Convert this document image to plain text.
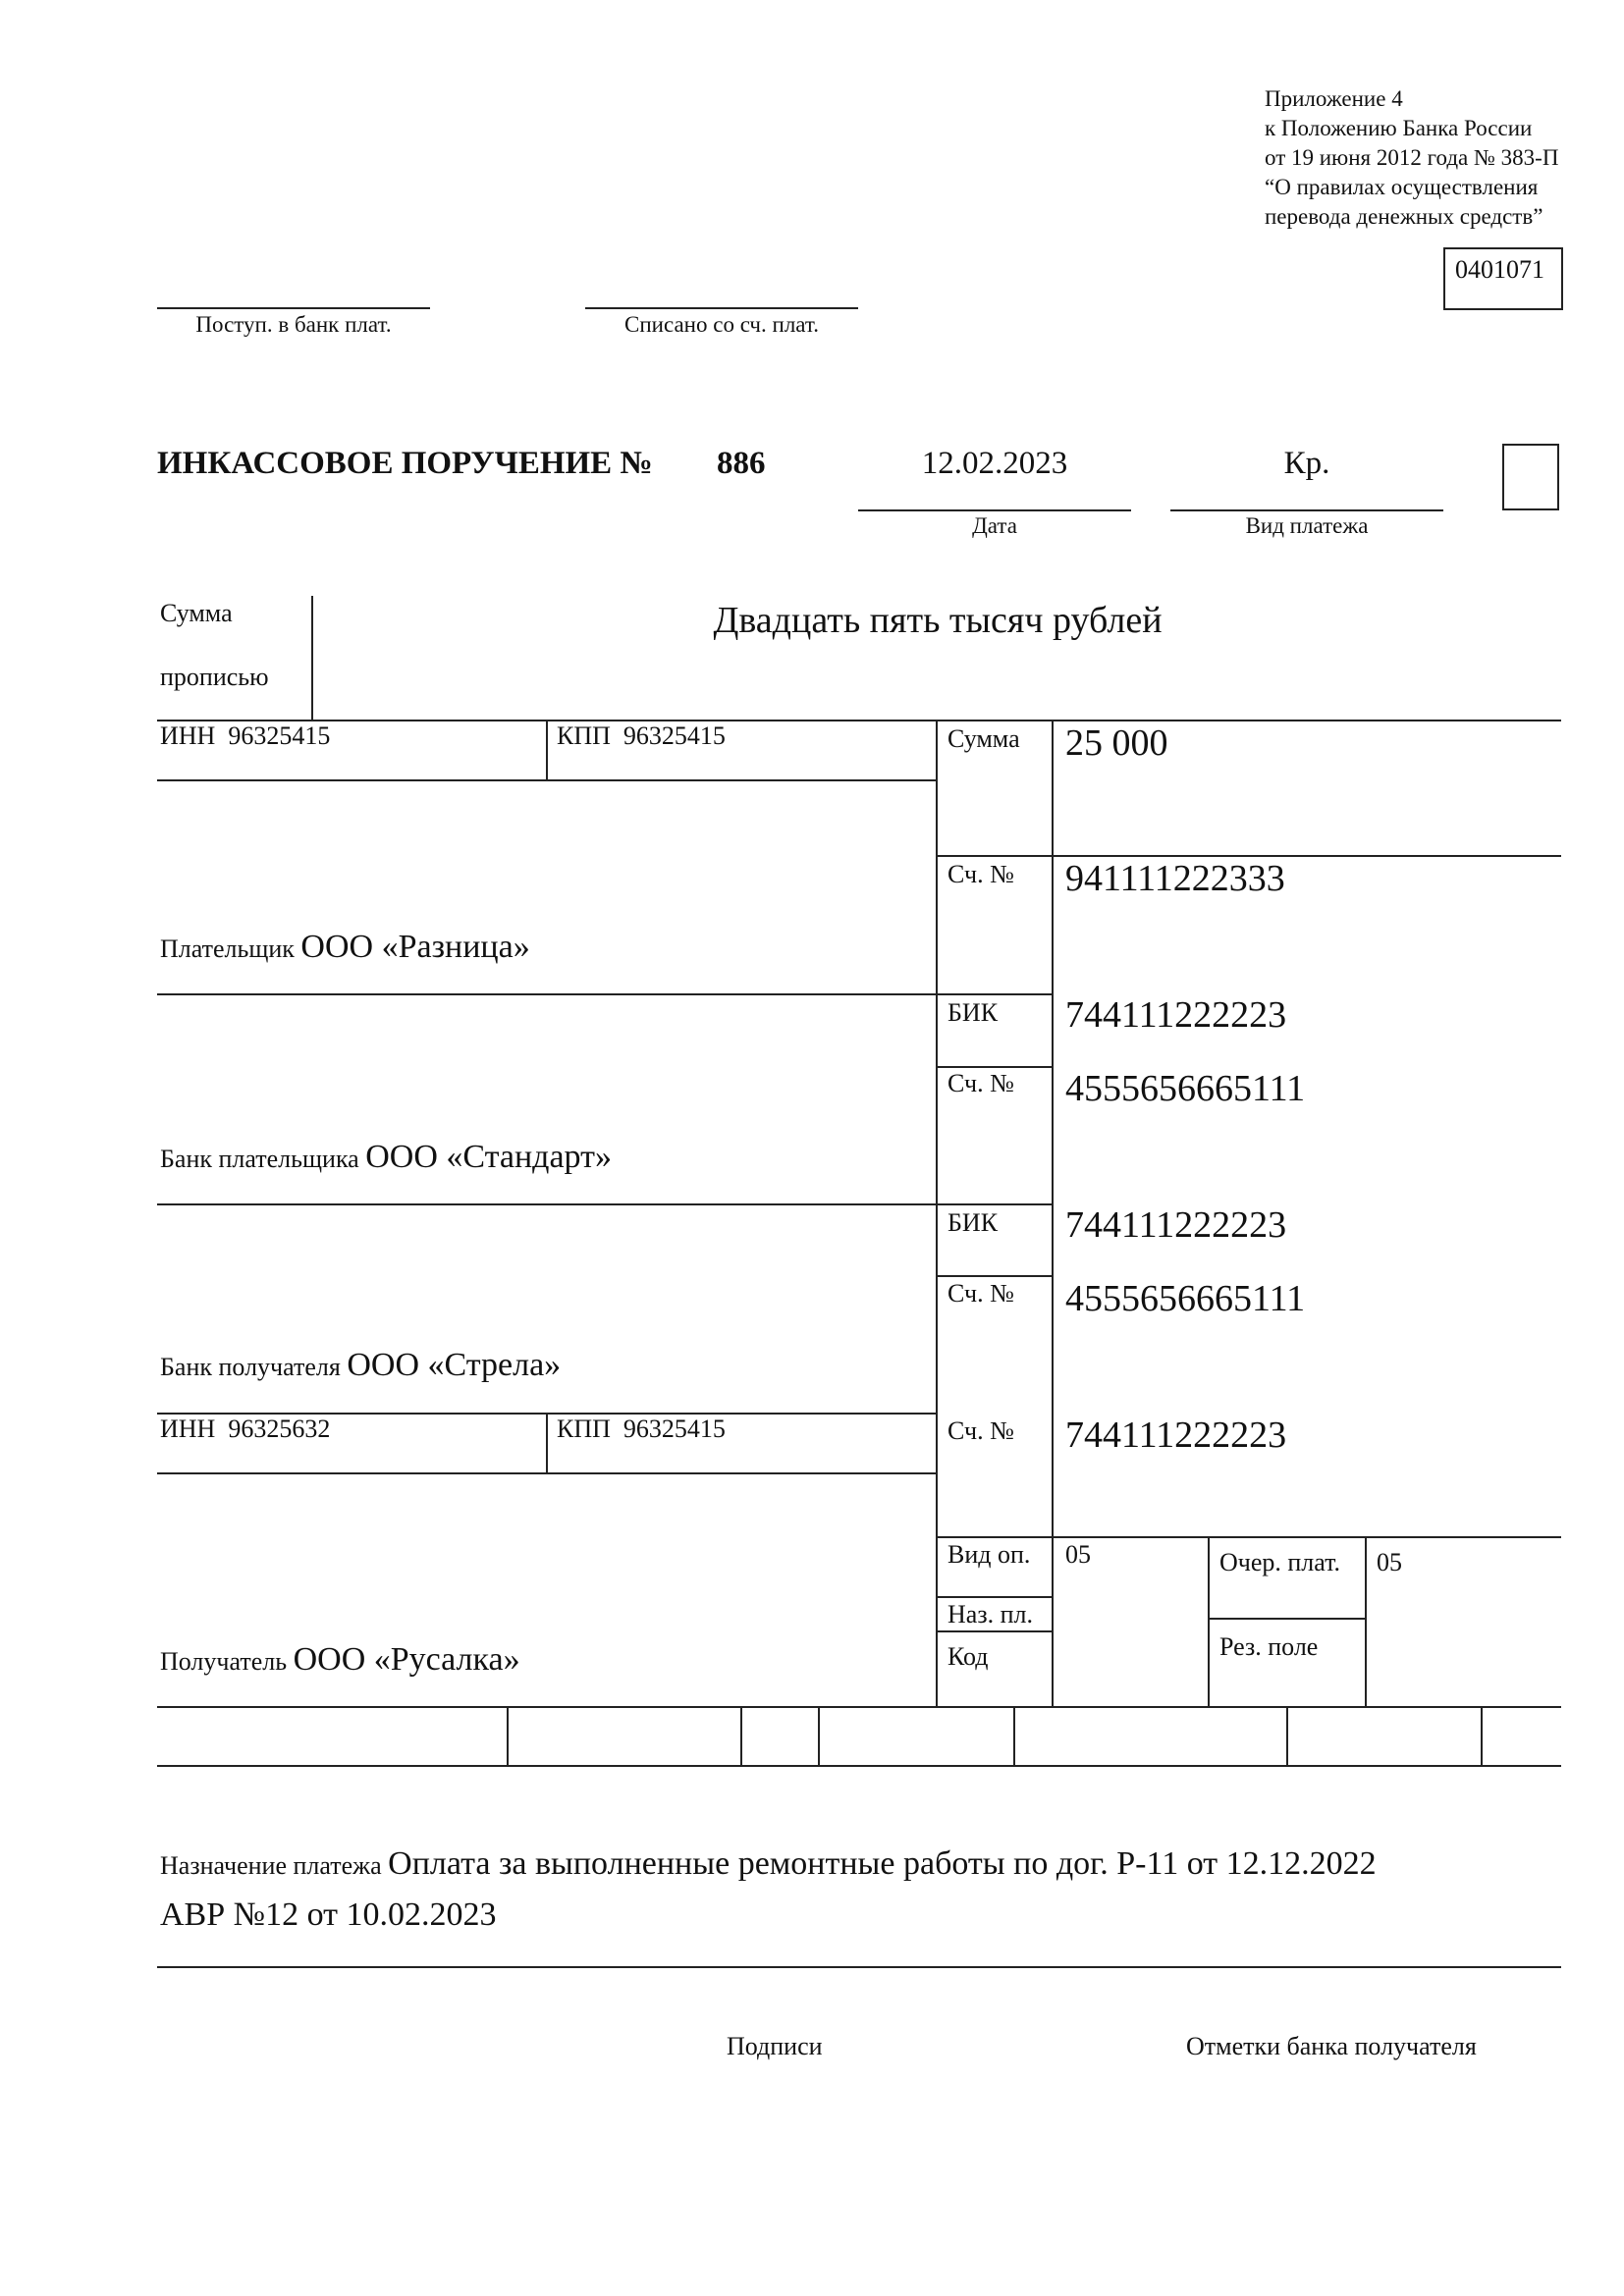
Приложение 4
к Положению Банка России
от 19 июня 2012 года № 383-П
“О правилах осуществления
перевода денежных средств”
0401071
Поступ. в банк плат.	Списано со сч. плат.
ИНКАССОВОЕ ПОРУЧЕНИЕ № 886	12.02.2023
Дата
Кр.
Вид платежа
Сумма
прописью
Двадцать пять тысяч рублей
ИНН 96325415	КПП 96325415
Плательщик ООО «Разница»
Сумма 25 000
Сч. № 941111222333
БИК 744111222223
Сч. № 4555656665111
Банк плательщика ООО «Стандарт»
БИК 744111222223
Сч. № 4555656665111
Банк получателя ООО «Стрела»
ИНН 96325632	КПП 96325415	Сч. № 744111222223
Получатель ООО «Русалка»
Вид оп. 05	Очер. плат. 05
Наз. пл.
Рез. поле
Код
Назначение платежа Оплата за выполненные ремонтные работы по дог. Р-11 от 12.12.2022
АВР №12 от 10.02.2023
Подписи	Отметки банка получателя
